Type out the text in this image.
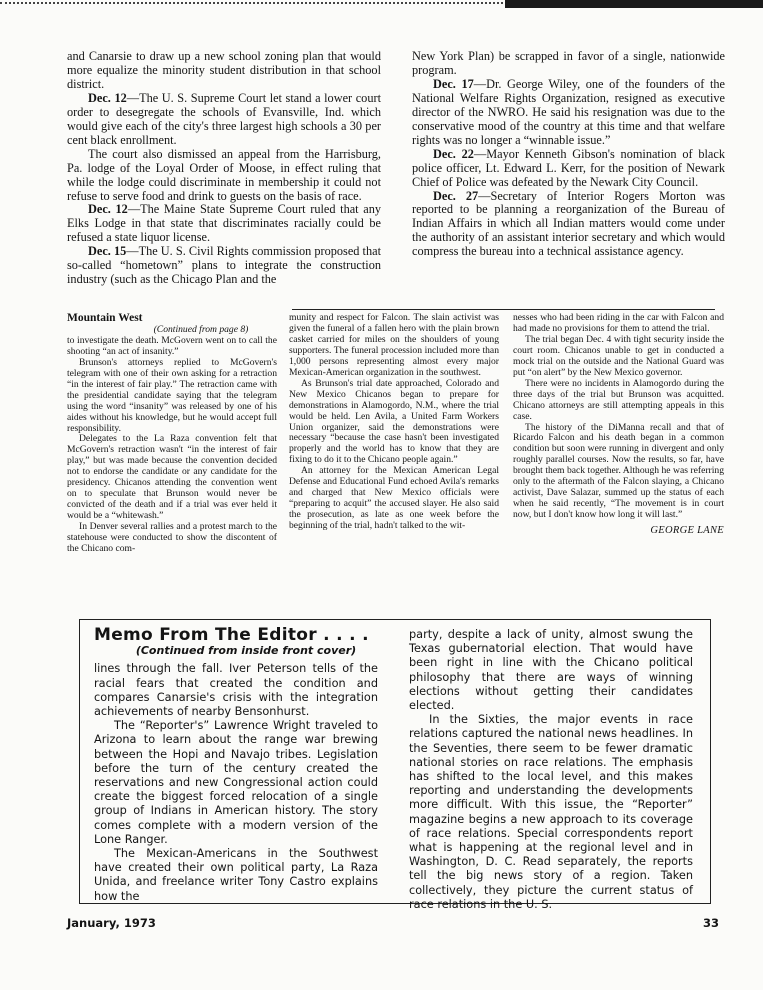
and Canarsie to draw up a new school zoning plan that would more equalize the minority student distribution in that school district.

Dec. 12—The U. S. Supreme Court let stand a lower court order to desegregate the schools of Evansville, Ind. which would give each of the city's three largest high schools a 30 per cent black enrollment.

The court also dismissed an appeal from the Harrisburg, Pa. lodge of the Loyal Order of Moose, in effect ruling that while the lodge could discriminate in membership it could not refuse to serve food and drink to guests on the basis of race.

Dec. 12—The Maine State Supreme Court ruled that any Elks Lodge in that state that discriminates racially could be refused a state liquor license.

Dec. 15—The U. S. Civil Rights commission proposed that so-called “hometown” plans to integrate the construction industry (such as the Chicago Plan and the

New York Plan) be scrapped in favor of a single, nationwide program.

Dec. 17—Dr. George Wiley, one of the founders of the National Welfare Rights Organization, resigned as executive director of the NWRO. He said his resignation was due to the conservative mood of the country at this time and that welfare rights was no longer a “winnable issue.”

Dec. 22—Mayor Kenneth Gibson's nomination of black police officer, Lt. Edward L. Kerr, for the position of Newark Chief of Police was defeated by the Newark City Council.

Dec. 27—Secretary of Interior Rogers Morton was reported to be planning a reorganization of the Bureau of Indian Affairs in which all Indian matters would come under the authority of an assistant interior secretary and which would compress the bureau into a technical assistance agency.

Mountain West

(Continued from page 8)

to investigate the death. McGovern went on to call the shooting “an act of insanity.”

Brunson's attorneys replied to McGovern's telegram with one of their own asking for a retraction “in the interest of fair play.” The retraction came with the presidential candidate saying that the telegram using the word “insanity” was released by one of his aides without his knowledge, but he would accept full responsibility.

Delegates to the La Raza convention felt that McGovern's retraction wasn't “in the interest of fair play,” but was made because the convention decided not to endorse the candidate or any candidate for the presidency. Chicanos attending the convention went on to speculate that Brunson would never be convicted of the death and if a trial was ever held it would be a “whitewash.”

In Denver several rallies and a protest march to the statehouse were conducted to show the discontent of the Chicano com-

munity and respect for Falcon. The slain activist was given the funeral of a fallen hero with the plain brown casket carried for miles on the shoulders of young supporters. The funeral procession included more than 1,000 persons representing almost every major Mexican-American organization in the southwest.

As Brunson's trial date approached, Colorado and New Mexico Chicanos began to prepare for demonstrations in Alamogordo, N.M., where the trial would be held. Len Avila, a United Farm Workers Union organizer, said the demonstrations were necessary “because the case hasn't been investigated properly and the world has to know that they are fixing to do it to the Chicano people again.”

An attorney for the Mexican American Legal Defense and Educational Fund echoed Avila's remarks and charged that New Mexico officials were “preparing to acquit” the accused slayer. He also said the prosecution, as late as one week before the beginning of the trial, hadn't talked to the wit-

nesses who had been riding in the car with Falcon and had made no provisions for them to attend the trial.

The trial began Dec. 4 with tight security inside the court room. Chicanos unable to get in conducted a mock trial on the outside and the National Guard was put “on alert” by the New Mexico governor.

There were no incidents in Alamogordo during the three days of the trial but Brunson was acquitted. Chicano attorneys are still attempting appeals in this case.

The history of the DiManna recall and that of Ricardo Falcon and his death began in a common condition but soon were running in divergent and only roughly parallel courses. Now the results, so far, have brought them back together. Although he was referring only to the aftermath of the Falcon slaying, a Chicano activist, Dave Salazar, summed up the status of each when he said recently, “The movement is in court now, but I don't know how long it will last.”

GEORGE LANE
Memo From The Editor . . . .
(Continued from inside front cover)

lines through the fall. Iver Peterson tells of the racial fears that created the condition and compares Canarsie's crisis with the integration achievements of nearby Bensonhurst.

The “Reporter's” Lawrence Wright traveled to Arizona to learn about the range war brewing between the Hopi and Navajo tribes. Legislation before the turn of the century created the reservations and new Congressional action could create the biggest forced relocation of a single group of Indians in American history. The story comes complete with a modern version of the Lone Ranger.

The Mexican-Americans in the Southwest have created their own political party, La Raza Unida, and freelance writer Tony Castro explains how the

party, despite a lack of unity, almost swung the Texas gubernatorial election. That would have been right in line with the Chicano political philosophy that there are ways of winning elections without getting their candidates elected.

In the Sixties, the major events in race relations captured the national news headlines. In the Seventies, there seem to be fewer dramatic national stories on race relations. The emphasis has shifted to the local level, and this makes reporting and understanding the developments more difficult. With this issue, the “Reporter” magazine begins a new approach to its coverage of race relations. Special correspondents report what is happening at the regional level and in Washington, D. C. Read separately, the reports tell the big news story of a region. Taken collectively, they picture the current status of race relations in the U. S.

January, 1973	33
